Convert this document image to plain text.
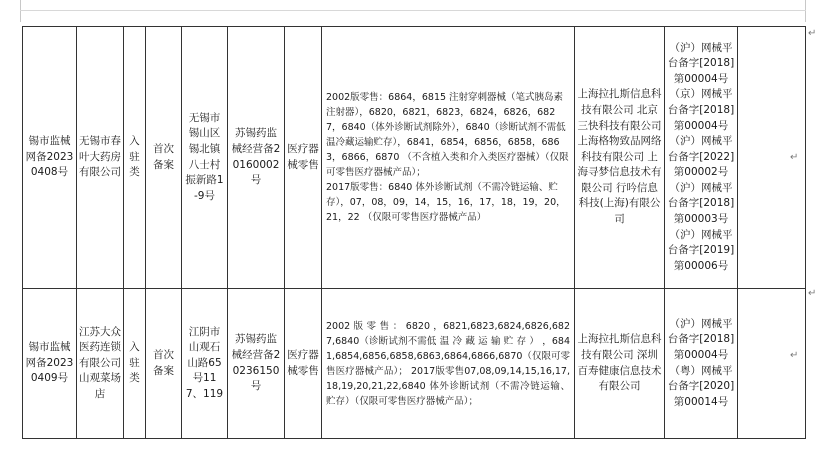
锡市监械网备20230408号	无锡市春叶大药房有限公司	入驻类	首次备案	无锡市锡山区锡北镇八士村振新路1-9号	苏锡药监械经营备20160002号	医疗器械零售	2002版零售：6864，6815 注射穿刺器械（笔式胰岛素注射器），6820，6821，6823，6824，6826，6827，6840（体外诊断试剂除外），6840（诊断试剂不需低温冷藏运输贮存），6841，6854，6856，6858，6863，6866，6870 （不含植入类和介入类医疗器械）（仅限可零售医疗器械产品）；
2017版零售：6840 体外诊断试剂（不需冷链运输、贮存），07，08，09，14，15，16，17，18，19，20，21，22 （仅限可零售医疗器械产品）	上海拉扎斯信息科技有限公司 北京三快科技有限公司 上海格物致品网络科技有限公司 上海寻梦信息技术有限公司 行吟信息科技(上海)有限公司	（沪）网械平台备字[2018]第00004号 （京）网械平台备字[2018]第00004号 （沪）网械平台备字[2022]第00002号 （沪）网械平台备字[2018]第00003号 （沪）网械平台备字[2019]第00006号	
锡市监械网备20230409号	江苏大众医药连锁有限公司山观菜场店	入驻类	首次备案	江阴市山观石山路65号117、119	苏锡药监械经营备20236150号	医疗器械零售	2002 版 零 售 ： 6820 ，6821,6823,6824,6826,6827,6840（诊断试剂不需低 温 冷 藏 运 输 贮 存 ） ，6841,6854,6856,6858,6863,6864,6866,6870（仅限可零售医疗器械产品）； 2017版零售07,08,09,14,15,16,17,18,19,20,21,22,6840 体外诊断试剂（不需冷链运输、贮存）（仅限可零售医疗器械产品）；	上海拉扎斯信息科技有限公司 深圳百寿健康信息技术有限公司	（沪）网械平台备字[2018]第00004号 （粤）网械平台备字[2020]第00014号	
↵
↵
↵
↵
